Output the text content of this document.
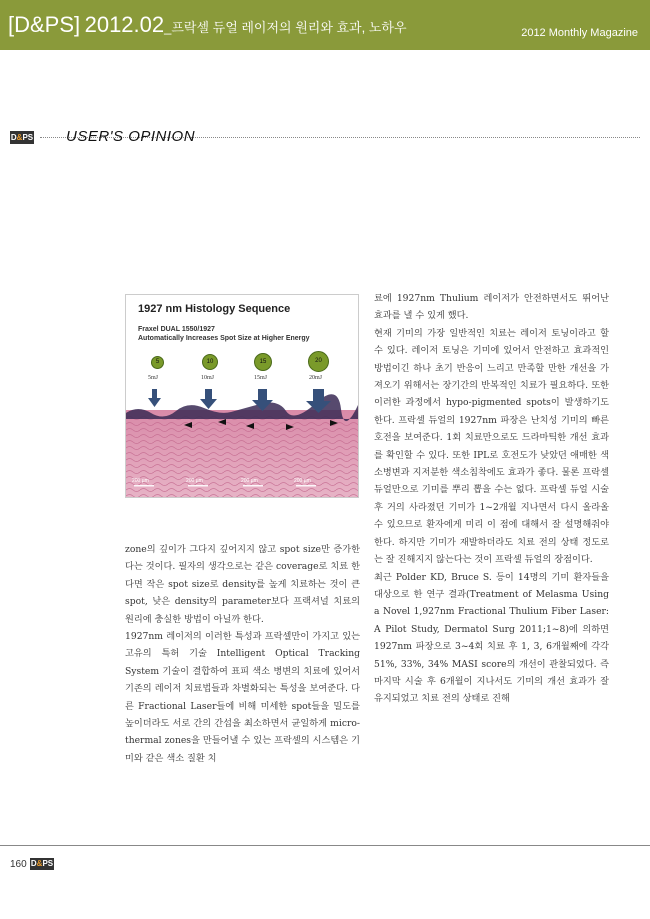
[D&PS] 2012.02_프락셀 듀얼 레이저의 원리와 효과, 노하우	2012 Monthly Magazine
D&PS USER'S OPINION
1927 nm Histology Sequence
Fraxel DUAL 1550/1927
Automatically Increases Spot Size at Higher Energy
5	10	15	20
5mJ	10mJ	15mJ	20mJ
200 µm	200 µm	200 µm	200 µm

zone의 깊이가 그다지 깊어지지 않고 spot size만 증가한다는 것이다. 필자의 생각으로는 같은 coverage로 치료 한다면 작은 spot size로 density를 높게 치료하는 것이 큰 spot, 낮은 density의 parameter보다 프랙셔널 치료의 원리에 충실한 방법이 아닐까 한다.

1927nm 레이저의 이러한 특성과 프락셀만이 가지고 있는 고유의 특허 기술 Intelligent Optical Tracking System 기술이 결합하여 표피 색소 병변의 치료에 있어서 기존의 레이저 치료법들과 차별화되는 특성을 보여준다. 다른 Fractional Laser들에 비해 미세한 spot들을 밀도를 높이더라도 서로 간의 간섭을 최소하면서 균일하게 micro-thermal zones을 만들어낼 수 있는 프락셀의 시스템은 기미와 같은 색소 질환 치

료에 1927nm Thulium 레이저가 안전하면서도 뛰어난 효과를 낼 수 있게 했다.

현재 기미의 가장 일반적인 치료는 레이저 토닝이라고 할 수 있다. 레이저 토닝은 기미에 있어서 안전하고 효과적인 방법이긴 하나 초기 반응이 느리고 만족할 만한 개선을 가져오기 위해서는 장기간의 반복적인 치료가 필요하다. 또한 이러한 과정에서 hypo-pigmented spots이 발생하기도 한다. 프락셀 듀얼의 1927nm 파장은 난치성 기미의 빠른 호전을 보여준다. 1회 치료만으로도 드라마틱한 개선 효과를 확인할 수 있다. 또한 IPL로 호전도가 낮았던 애매한 색소병변과 지저분한 색소침착에도 효과가 좋다. 물론 프락셀 듀얼만으로 기미를 뿌리 뽑을 수는 없다. 프락셀 듀얼 시술 후 거의 사라졌던 기미가 1~2개월 지나면서 다시 올라올 수 있으므로 환자에게 미리 이 점에 대해서 잘 설명해줘야 한다. 하지만 기미가 재발하더라도 치료 전의 상태 정도로는 잘 진해지지 않는다는 것이 프락셀 듀얼의 장점이다.

최근 Polder KD, Bruce S. 등이 14명의 기미 환자들을 대상으로 한 연구 결과(Treatment of Melasma Using a Novel 1,927nm Fractional Thulium Fiber Laser: A Pilot Study, Dermatol Surg 2011;1~8)에 의하면 1927nm 파장으로 3~4회 치료 후 1, 3, 6개월째에 각각 51%, 33%, 34% MASI score의 개선이 관찰되었다. 즉 마지막 시술 후 6개월이 지나서도 기미의 개선 효과가 잘 유지되었고 치료 전의 상태로 진해

160 D&PS
